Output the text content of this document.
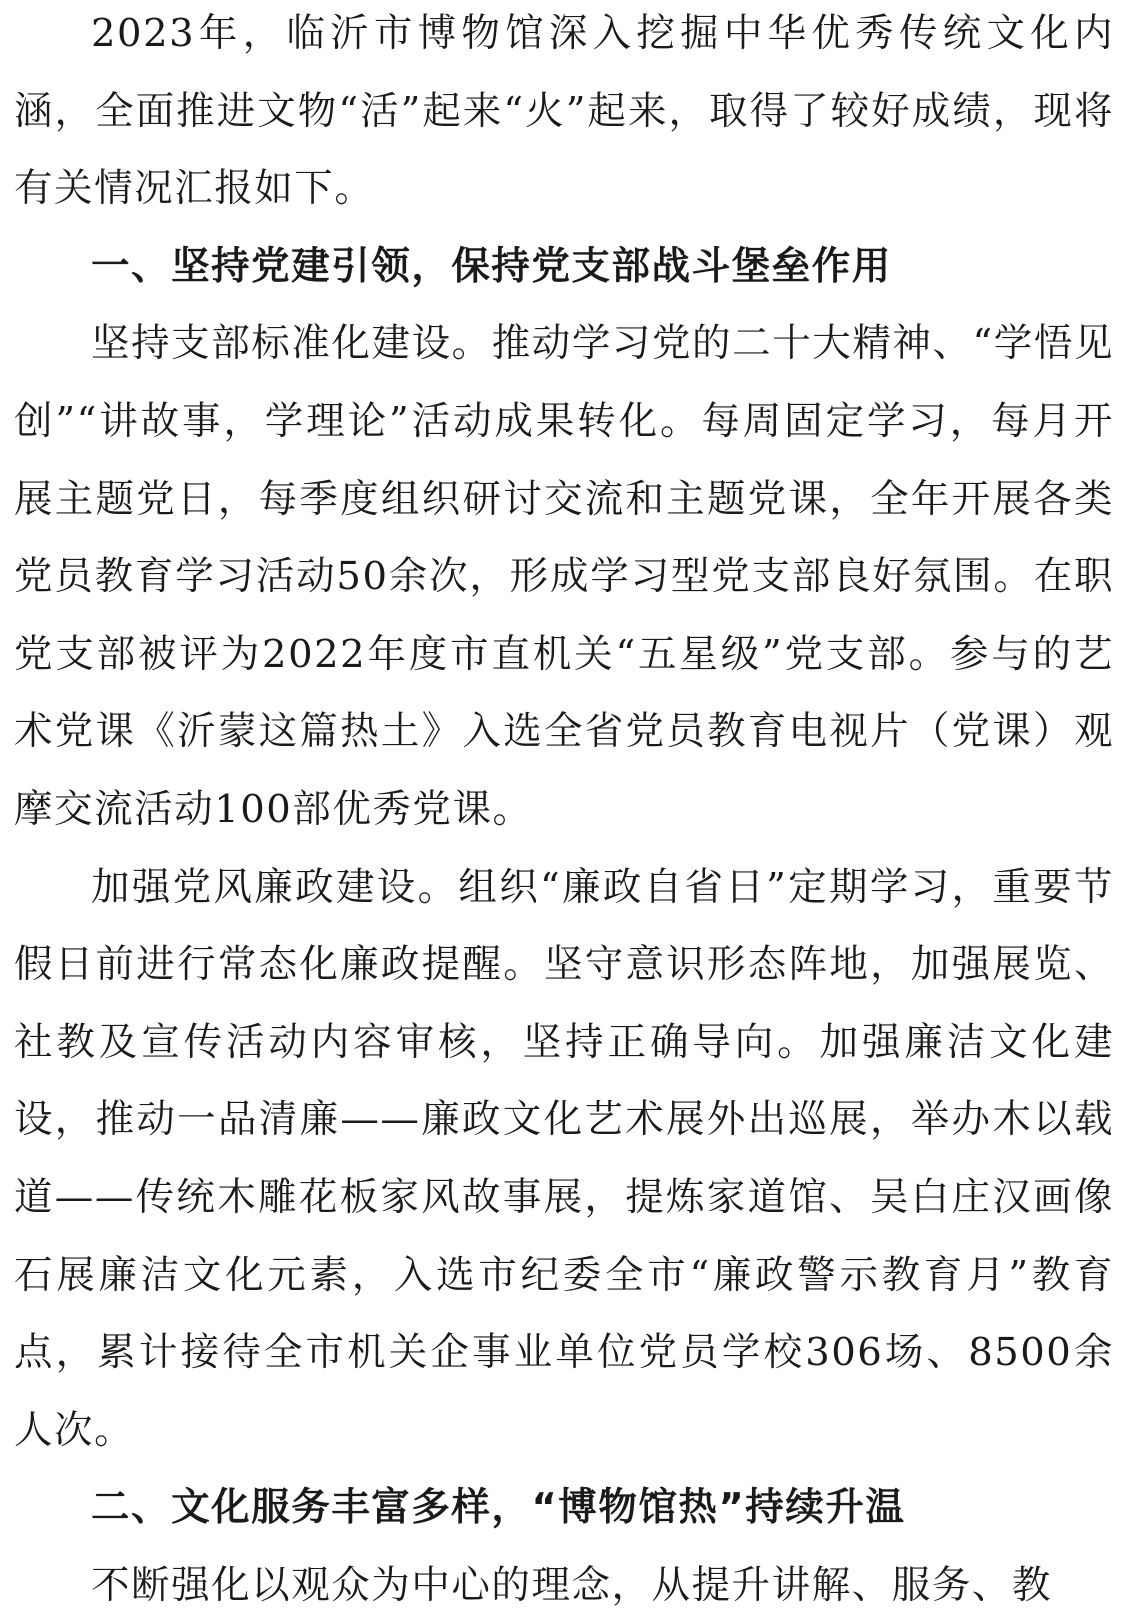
2023年，临沂市博物馆深入挖掘中华优秀传统文化内涵，全面推进文物“活”起来“火”起来，取得了较好成绩，现将有关情况汇报如下。

一、坚持党建引领，保持党支部战斗堡垒作用

坚持支部标准化建设。推动学习党的二十大精神、“学悟见创”“讲故事，学理论”活动成果转化。每周固定学习，每月开展主题党日，每季度组织研讨交流和主题党课，全年开展各类党员教育学习活动50余次，形成学习型党支部良好氛围。在职党支部被评为2022年度市直机关“五星级”党支部。参与的艺术党课《沂蒙这篇热土》入选全省党员教育电视片（党课）观摩交流活动100部优秀党课。

加强党风廉政建设。组织“廉政自省日”定期学习，重要节假日前进行常态化廉政提醒。坚守意识形态阵地，加强展览、社教及宣传活动内容审核，坚持正确导向。加强廉洁文化建设，推动一品清廉——廉政文化艺术展外出巡展，举办木以载道——传统木雕花板家风故事展，提炼家道馆、吴白庄汉画像石展廉洁文化元素，入选市纪委全市“廉政警示教育月”教育点，累计接待全市机关企事业单位党员学校306场、8500余人次。

二、文化服务丰富多样，“博物馆热”持续升温

不断强化以观众为中心的理念，从提升讲解、服务、教
